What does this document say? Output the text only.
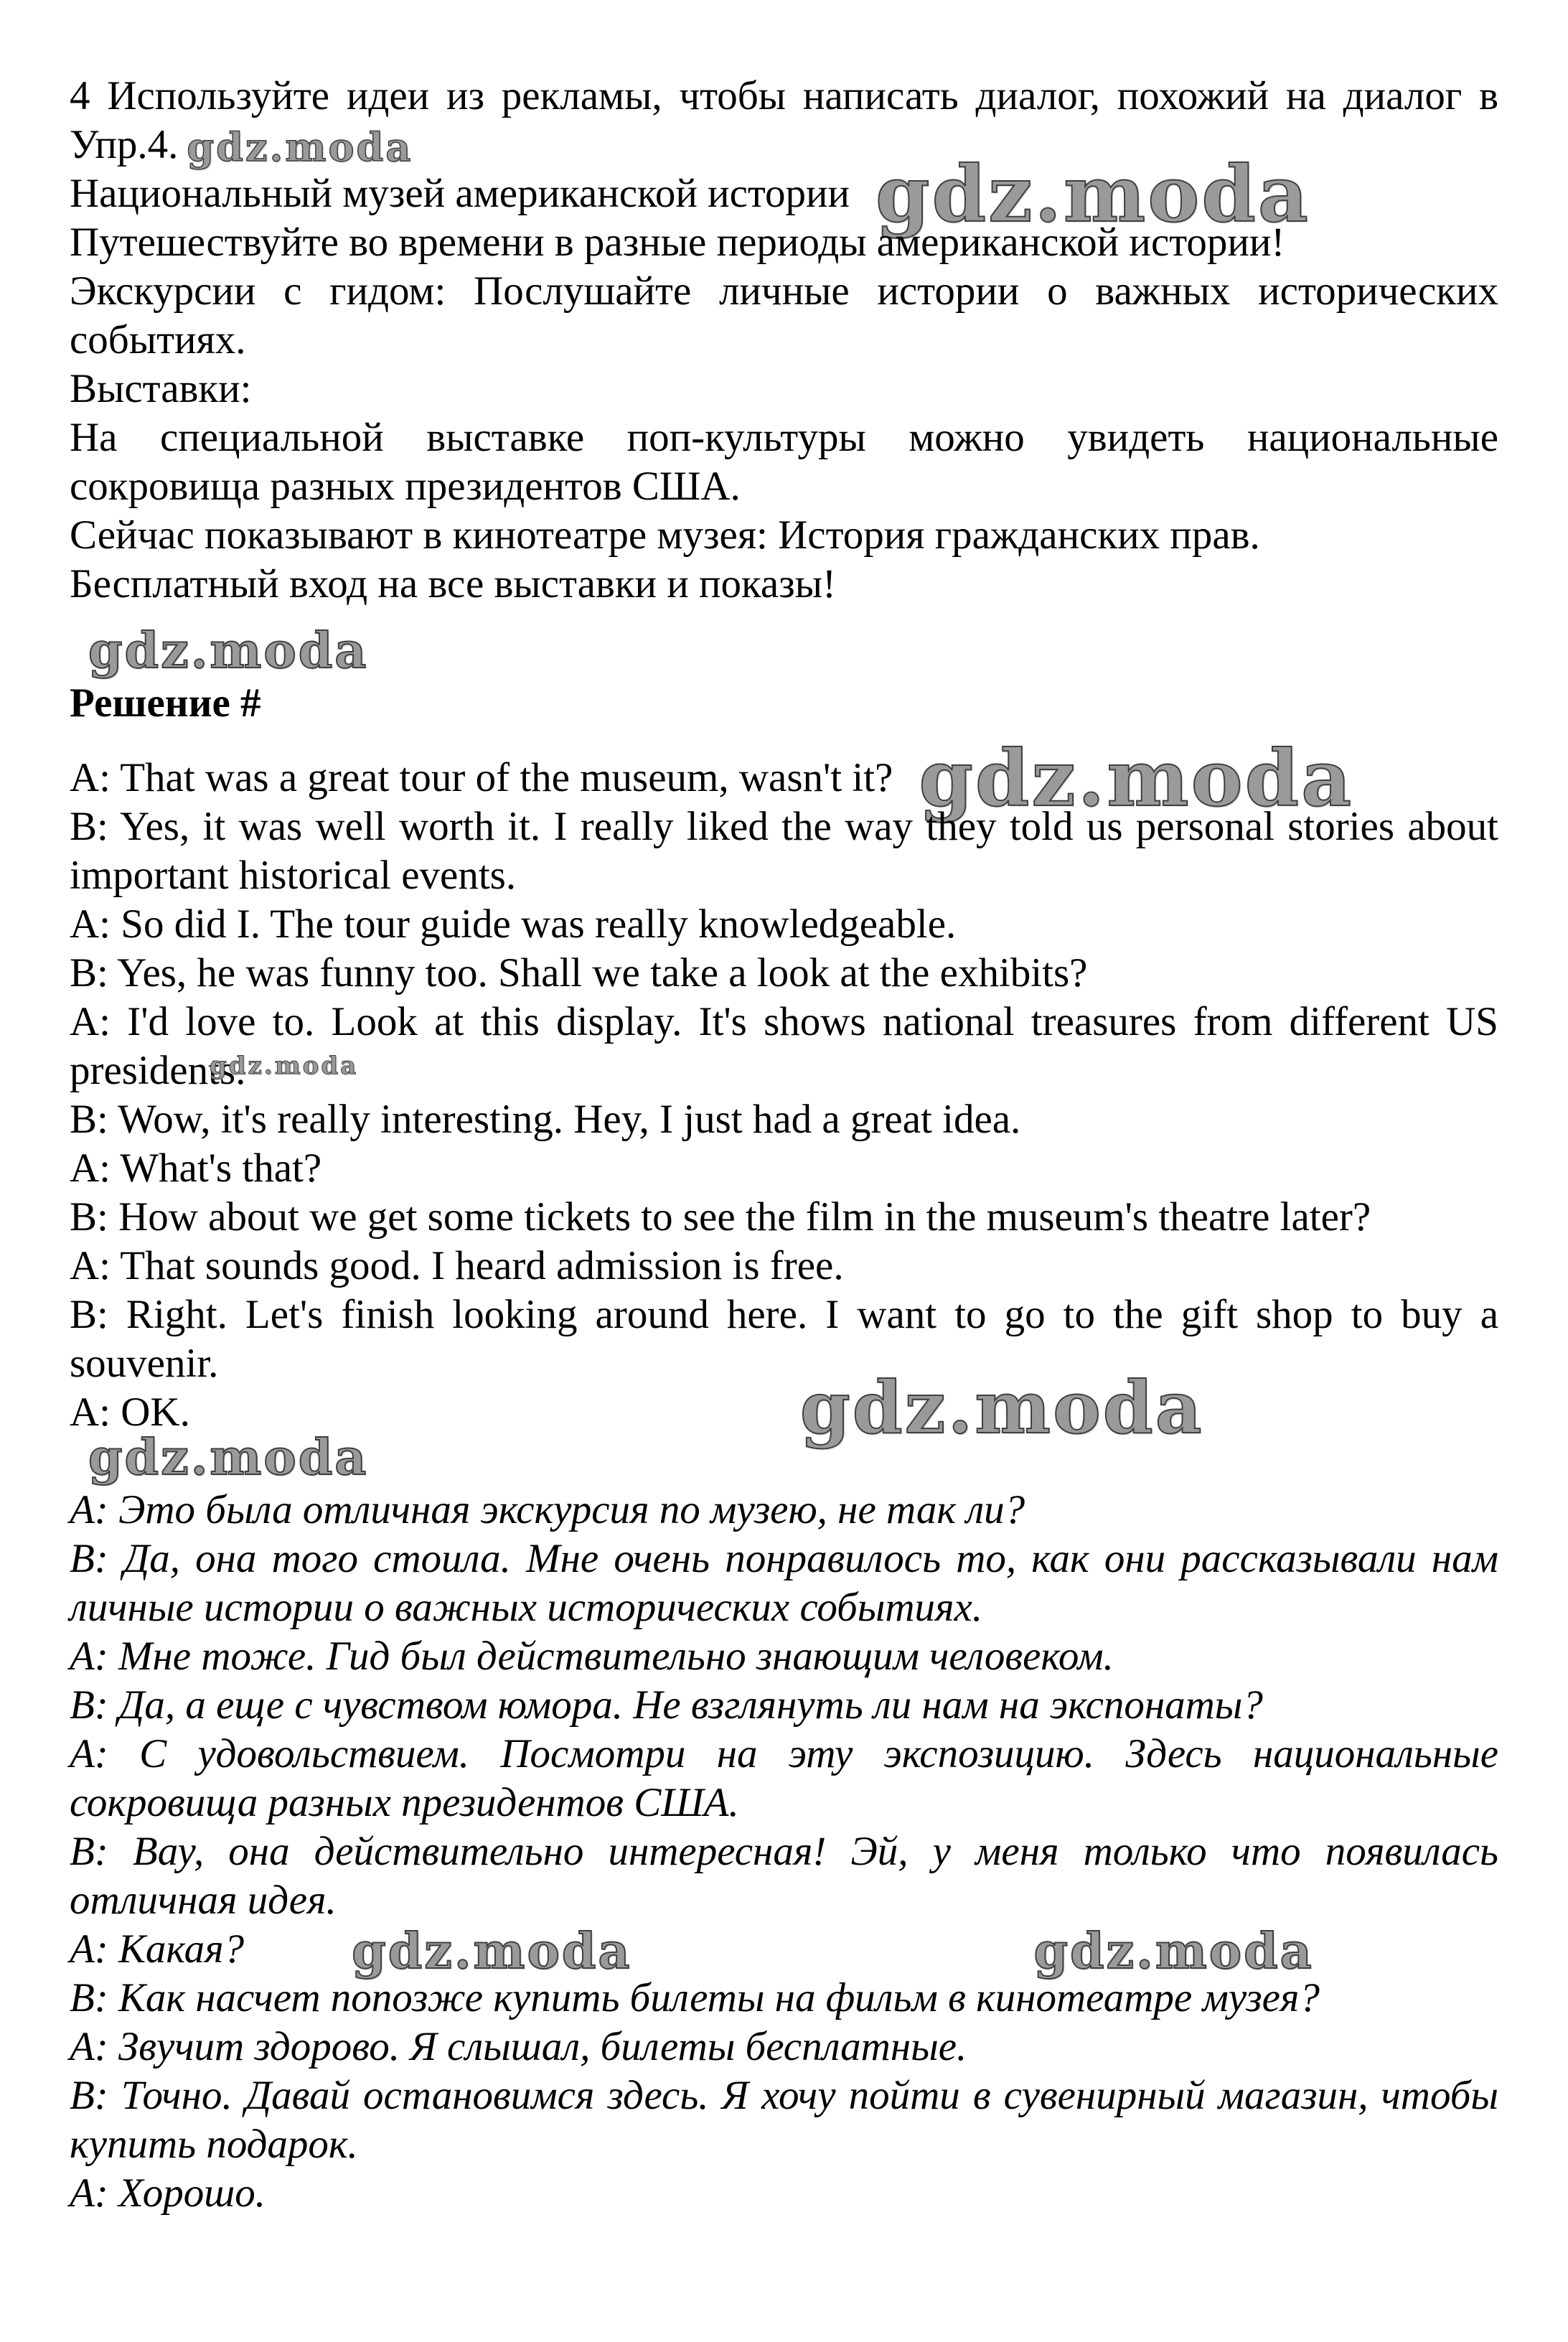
4 Используйте идеи из рекламы, чтобы написать диалог, похожий на диалог в
Упр.4. gdz.moda

Национальный музей американской истории gdz.moda

Путешествуйте во времени в разные периоды американской истории!

Экскурсии с гидом: Послушайте личные истории о важных исторических событиях.

Выставки:

На специальной выставке поп-культуры можно увидеть национальные сокровища разных президентов США.

Сейчас показывают в кинотеатре музея: История гражданских прав.

Бесплатный вход на все выставки и показы!

gdz.moda

Решение #

A: That was a great tour of the museum, wasn't it? gdz.moda

B: Yes, it was well worth it. I really liked the way they told us personal stories about important historical events.

A: So did I. The tour guide was really knowledgeable.

B: Yes, he was funny too. Shall we take a look at the exhibits?

A: I'd love to. Look at this display. It's shows national treasures from different US presidents.
gdz.moda

B: Wow, it's really interesting. Hey, I just had a great idea.

A: What's that?

B: How about we get some tickets to see the film in the museum's theatre later?

A: That sounds good. I heard admission is free.

B: Right. Let's finish looking around here. I want to go to the gift shop to buy a souvenir.

A: OK.	gdz.moda

gdz.moda

А: Это была отличная экскурсия по музею, не так ли?

В: Да, она того стоила. Мне очень понравилось то, как они рассказывали нам личные истории о важных исторических событиях.

А: Мне тоже. Гид был действительно знающим человеком.

В: Да, а еще с чувством юмора. Не взглянуть ли нам на экспонаты?

А: С удовольствием. Посмотри на эту экспозицию. Здесь национальные сокровища разных президентов США.

В: Вау, она действительно интересная! Эй, у меня только что появилась отличная идея.

А: Какая? gdz.moda	gdz.moda

В: Как насчет попозже купить билеты на фильм в кинотеатре музея?

А: Звучит здорово. Я слышал, билеты бесплатные.

В: Точно. Давай остановимся здесь. Я хочу пойти в сувенирный магазин, чтобы купить подарок.

А: Хорошо.
